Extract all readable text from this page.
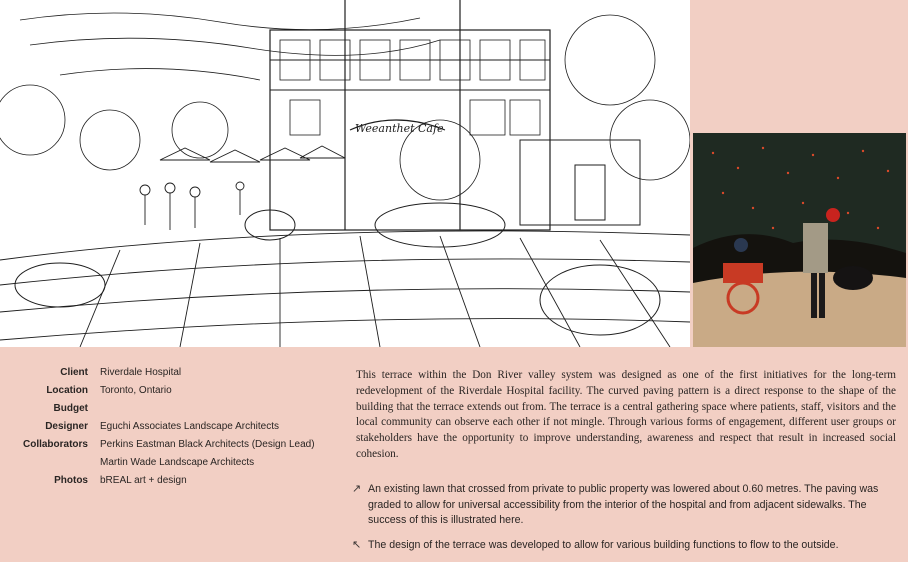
Weeanthet Cafe
Client	Riverdale Hospital
Location	Toronto, Ontario
Budget
Designer	Eguchi Associates Landscape Architects
Collaborators	Perkins Eastman Black Architects (Design Lead)
Martin Wade Landscape Architects
Photos	bREAL art + design

This terrace within the Don River valley system was designed as one of the first initiatives for the long-term redevelopment of the Riverdale Hospital facility. The curved paving pattern is a direct response to the shape of the building that the terrace extends out from. The terrace is a central gathering space where patients, staff, visitors and the local community can observe each other if not mingle. Through various forms of engagement, different user groups or stakeholders have the opportunity to improve understanding, awareness and respect that result in increased social cohesion.

↗ An existing lawn that crossed from private to public property was lowered about 0.60 metres. The paving was graded to allow for universal accessibility from the interior of the hospital and from adjacent sidewalks. The success of this is illustrated here.
↖ The design of the terrace was developed to allow for various building functions to flow to the outside.
